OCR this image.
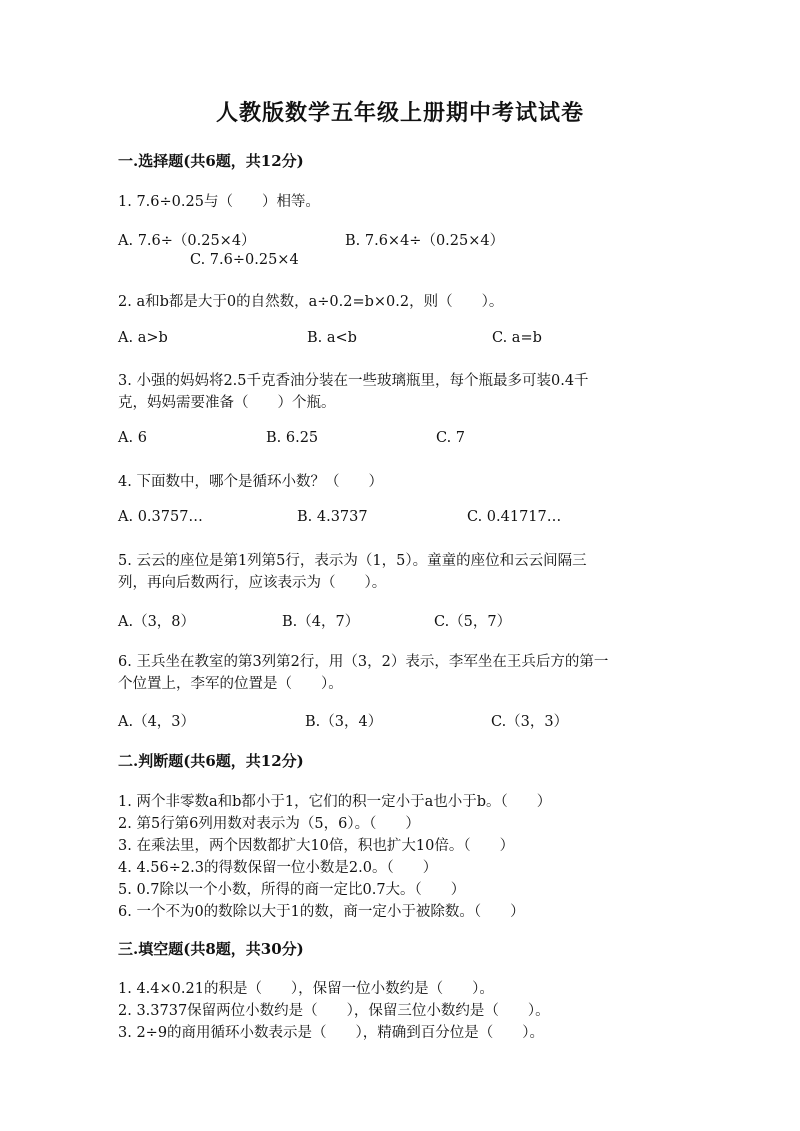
人教版数学五年级上册期中考试试卷
一.选择题(共6题，共12分)
1. 7.6÷0.25与（　　）相等。
A. 7.6÷（0.25×4）	B. 7.6×4÷（0.25×4）
C. 7.6÷0.25×4
2. a和b都是大于0的自然数，a÷0.2=b×0.2，则（　　）。
A. a>b	B. a<b	C. a=b
3. 小强的妈妈将2.5千克香油分装在一些玻璃瓶里，每个瓶最多可装0.4千
克，妈妈需要准备（　　）个瓶。
A. 6	B. 6.25	C. 7
4. 下面数中，哪个是循环小数？（　　）
A. 0.3757…	B. 4.3737	C. 0.41717…
5. 云云的座位是第1列第5行，表示为（1，5）。童童的座位和云云间隔三
列，再向后数两行，应该表示为（　　）。
A.（3，8）	B.（4，7）	C.（5，7）
6. 王兵坐在教室的第3列第2行，用（3，2）表示，李军坐在王兵后方的第一
个位置上，李军的位置是（　　）。
A.（4，3）	B.（3，4）	C.（3，3）
二.判断题(共6题，共12分)
1. 两个非零数a和b都小于1，它们的积一定小于a也小于b。（　　）
2. 第5行第6列用数对表示为（5，6）。（　　）
3. 在乘法里，两个因数都扩大10倍，积也扩大10倍。（　　）
4. 4.56÷2.3的得数保留一位小数是2.0。（　　）
5. 0.7除以一个小数，所得的商一定比0.7大。（　　）
6. 一个不为0的数除以大于1的数，商一定小于被除数。（　　）
三.填空题(共8题，共30分)
1. 4.4×0.21的积是（　　），保留一位小数约是（　　）。
2. 3.3737保留两位小数约是（　　），保留三位小数约是（　　）。
3. 2÷9的商用循环小数表示是（　　），精确到百分位是（　　）。
